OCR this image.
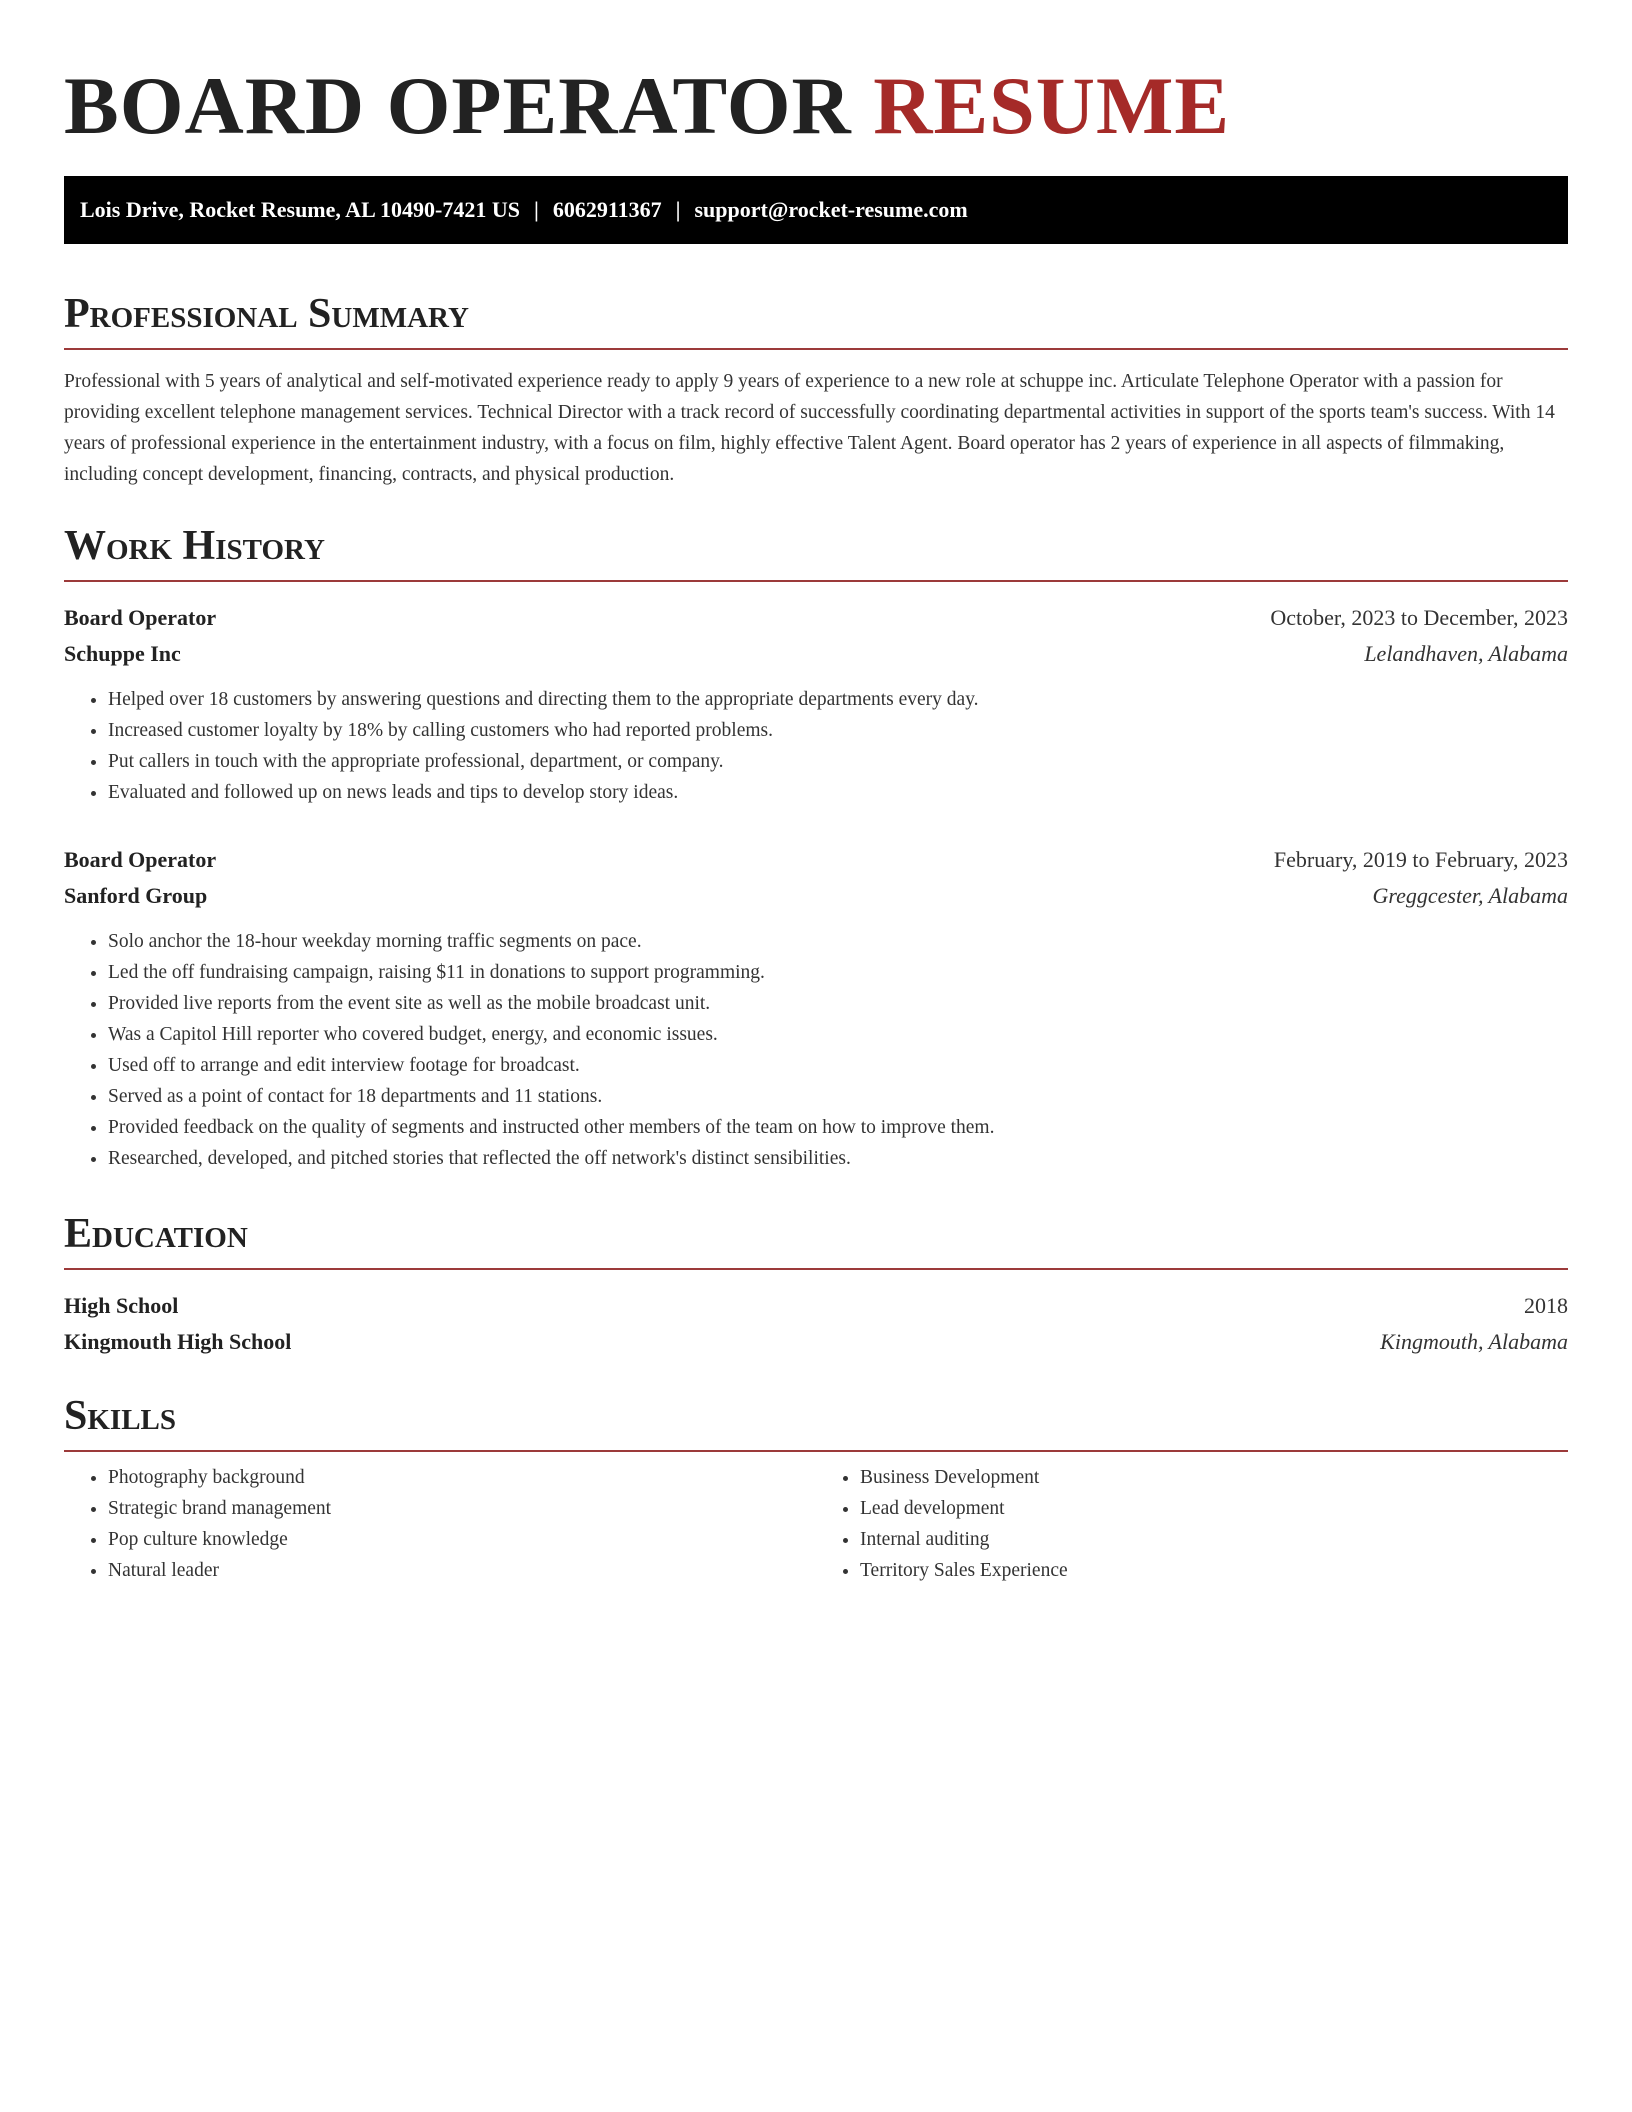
BOARD OPERATOR RESUME
Lois Drive, Rocket Resume, AL 10490-7421 US | 6062911367 | support@rocket-resume.com
Professional Summary
Professional with 5 years of analytical and self-motivated experience ready to apply 9 years of experience to a new role at schuppe inc. Articulate Telephone Operator with a passion for providing excellent telephone management services. Technical Director with a track record of successfully coordinating departmental activities in support of the sports team's success. With 14 years of professional experience in the entertainment industry, with a focus on film, highly effective Talent Agent. Board operator has 2 years of experience in all aspects of filmmaking, including concept development, financing, contracts, and physical production.
Work History
Board Operator	October, 2023 to December, 2023
Schuppe Inc	Lelandhaven, Alabama
• Helped over 18 customers by answering questions and directing them to the appropriate departments every day.
• Increased customer loyalty by 18% by calling customers who had reported problems.
• Put callers in touch with the appropriate professional, department, or company.
• Evaluated and followed up on news leads and tips to develop story ideas.
Board Operator	February, 2019 to February, 2023
Sanford Group	Greggcester, Alabama
• Solo anchor the 18-hour weekday morning traffic segments on pace.
• Led the off fundraising campaign, raising $11 in donations to support programming.
• Provided live reports from the event site as well as the mobile broadcast unit.
• Was a Capitol Hill reporter who covered budget, energy, and economic issues.
• Used off to arrange and edit interview footage for broadcast.
• Served as a point of contact for 18 departments and 11 stations.
• Provided feedback on the quality of segments and instructed other members of the team on how to improve them.
• Researched, developed, and pitched stories that reflected the off network's distinct sensibilities.
Education
High School	2018
Kingmouth High School	Kingmouth, Alabama
Skills
• Photography background
• Strategic brand management
• Pop culture knowledge
• Natural leader
• Business Development
• Lead development
• Internal auditing
• Territory Sales Experience
